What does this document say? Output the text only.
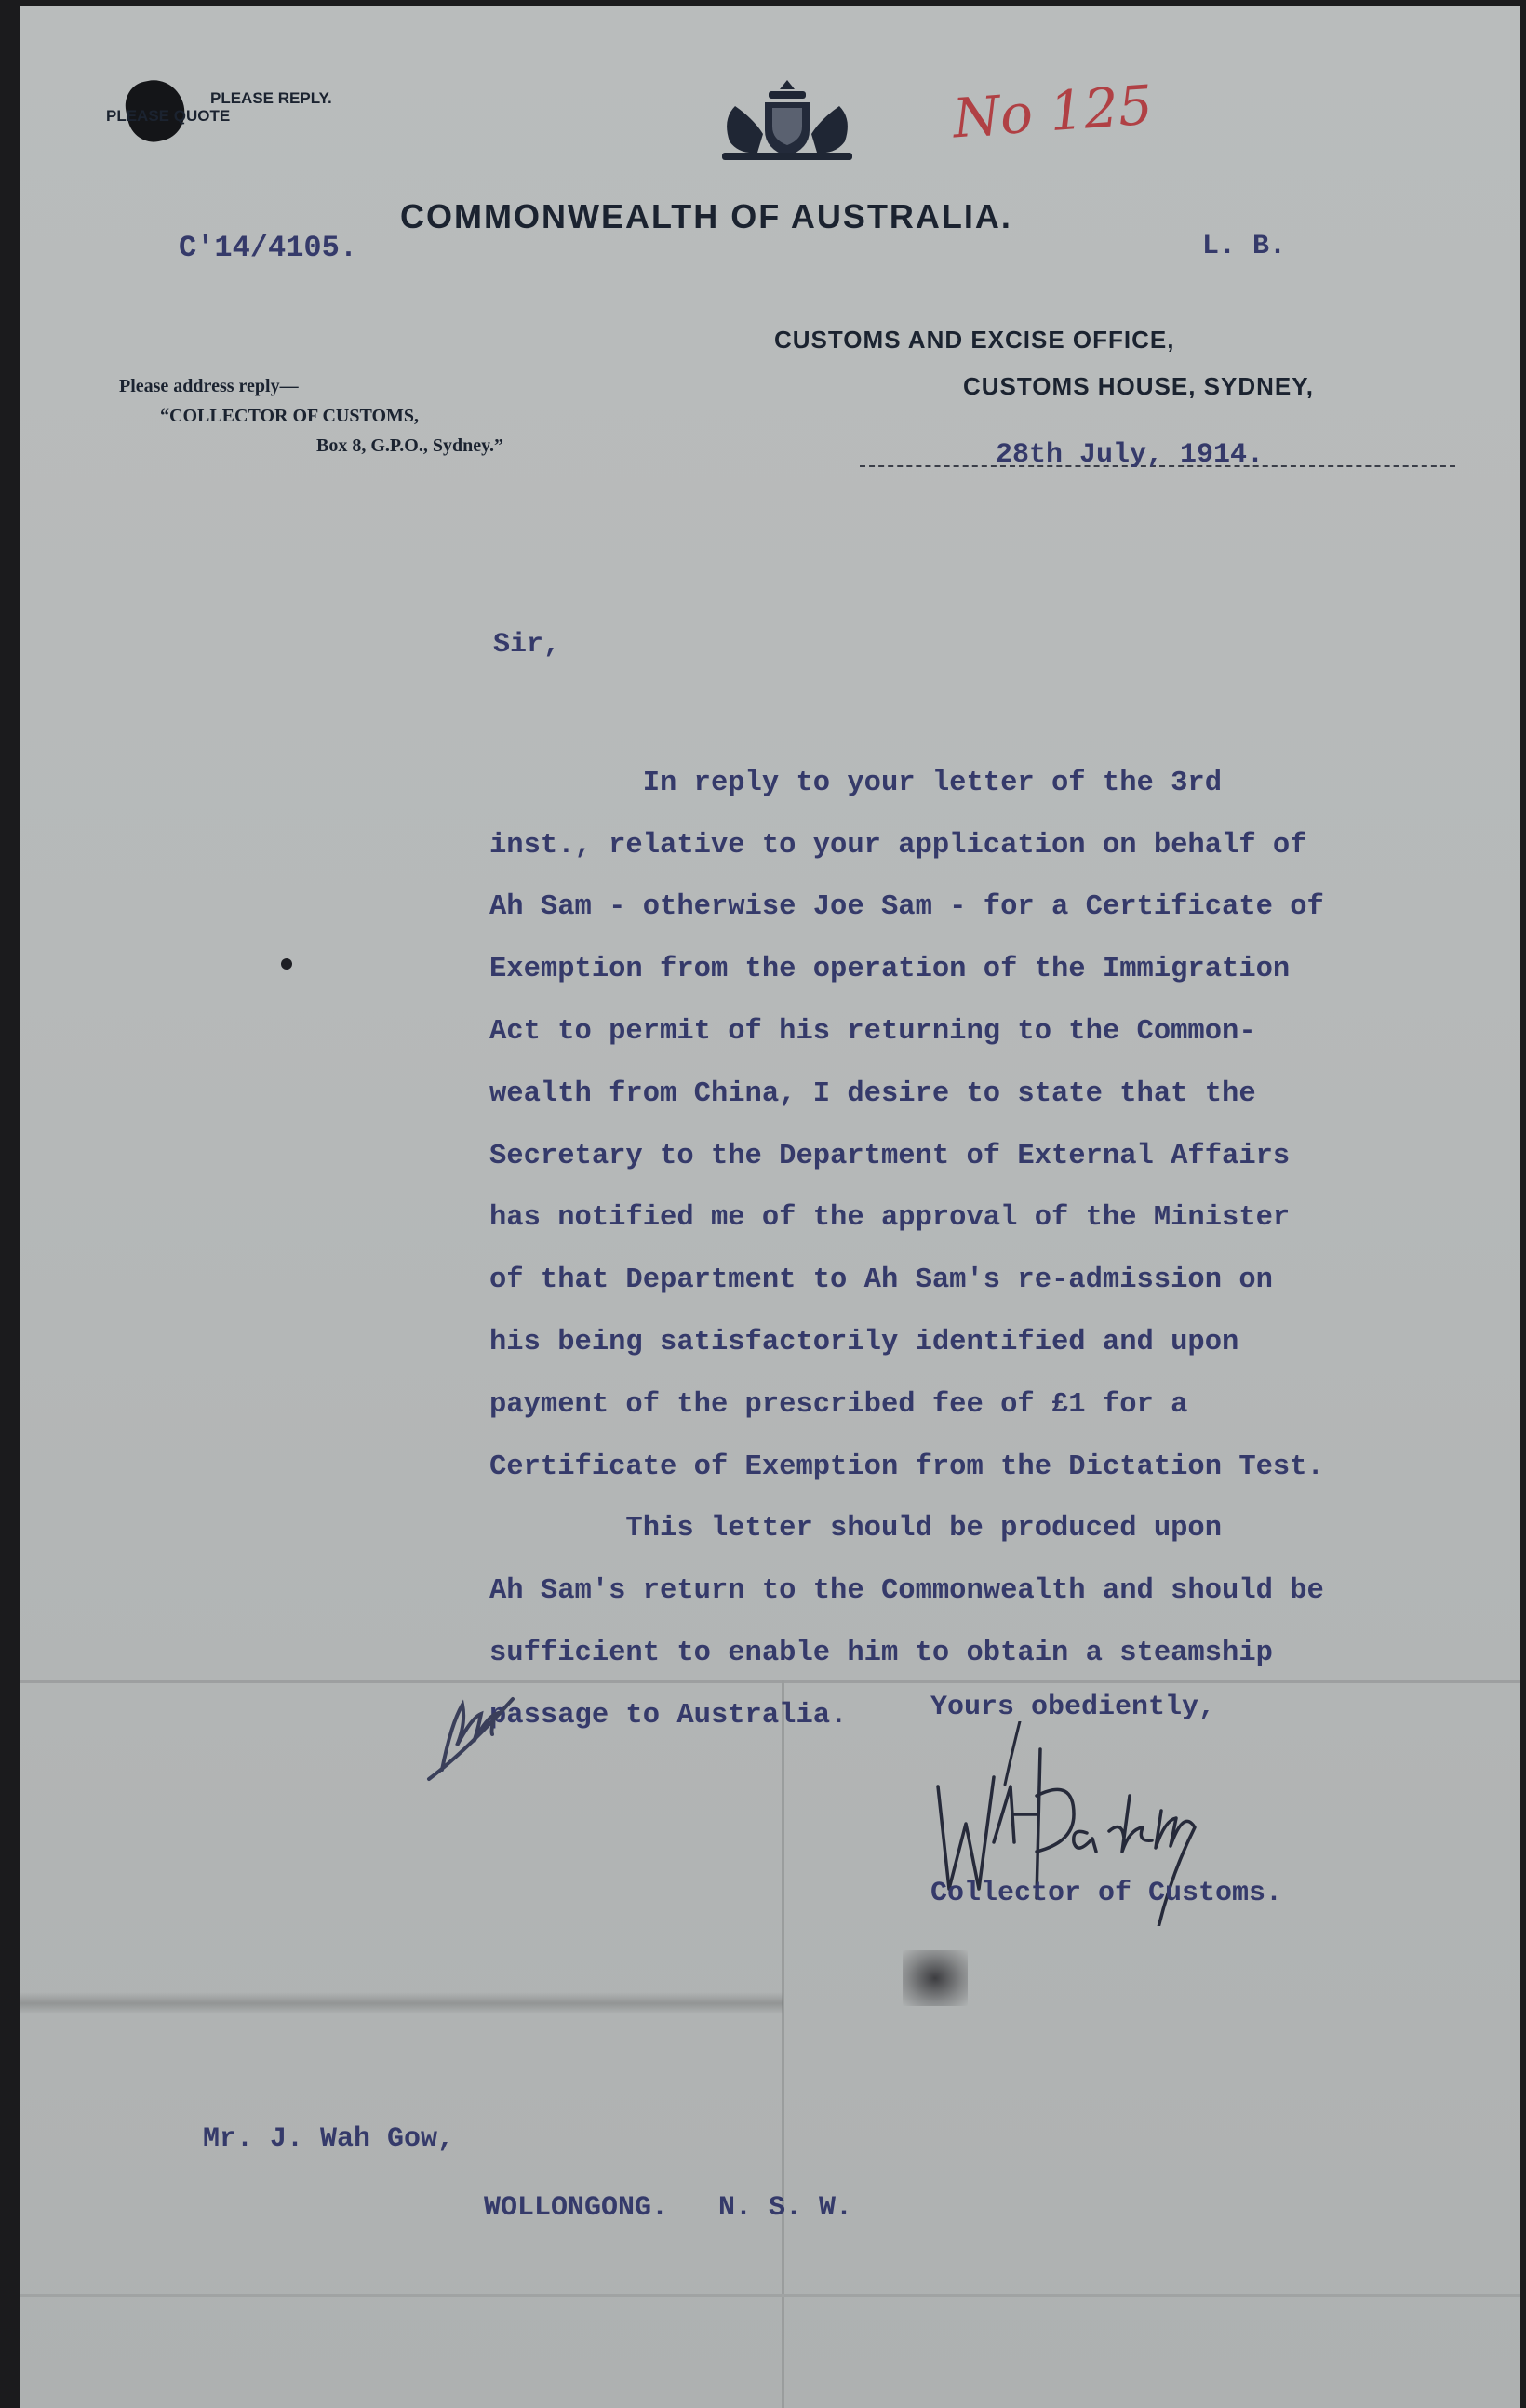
PLEASE REPLY.
PLEASE QUOTE	No 125
COMMONWEALTH OF AUSTRALIA.
C'14/4105.	L. B.
CUSTOMS AND EXCISE OFFICE,
CUSTOMS HOUSE, SYDNEY,
Please address reply—
“COLLECTOR OF CUSTOMS,
Box 8, G.P.O., Sydney.”	28th July, 1914.
Sir,

In reply to your letter of the 3rd
inst., relative to your application on behalf of
Ah Sam - otherwise Joe Sam - for a Certificate of
Exemption from the operation of the Immigration
Act to permit of his returning to the Common-
wealth from China, I desire to state that the
Secretary to the Department of External Affairs
has notified me of the approval of the Minister
of that Department to Ah Sam's re-admission on
his being satisfactorily identified and upon
payment of the prescribed fee of £1 for a
Certificate of Exemption from the Dictation Test.
This letter should be produced upon
Ah Sam's return to the Commonwealth and should be
sufficient to enable him to obtain a steamship
passage to Australia.	Yours obediently,
Collector of Customs.
Mr. J. Wah Gow,
WOLLONGONG.   N. S. W.
